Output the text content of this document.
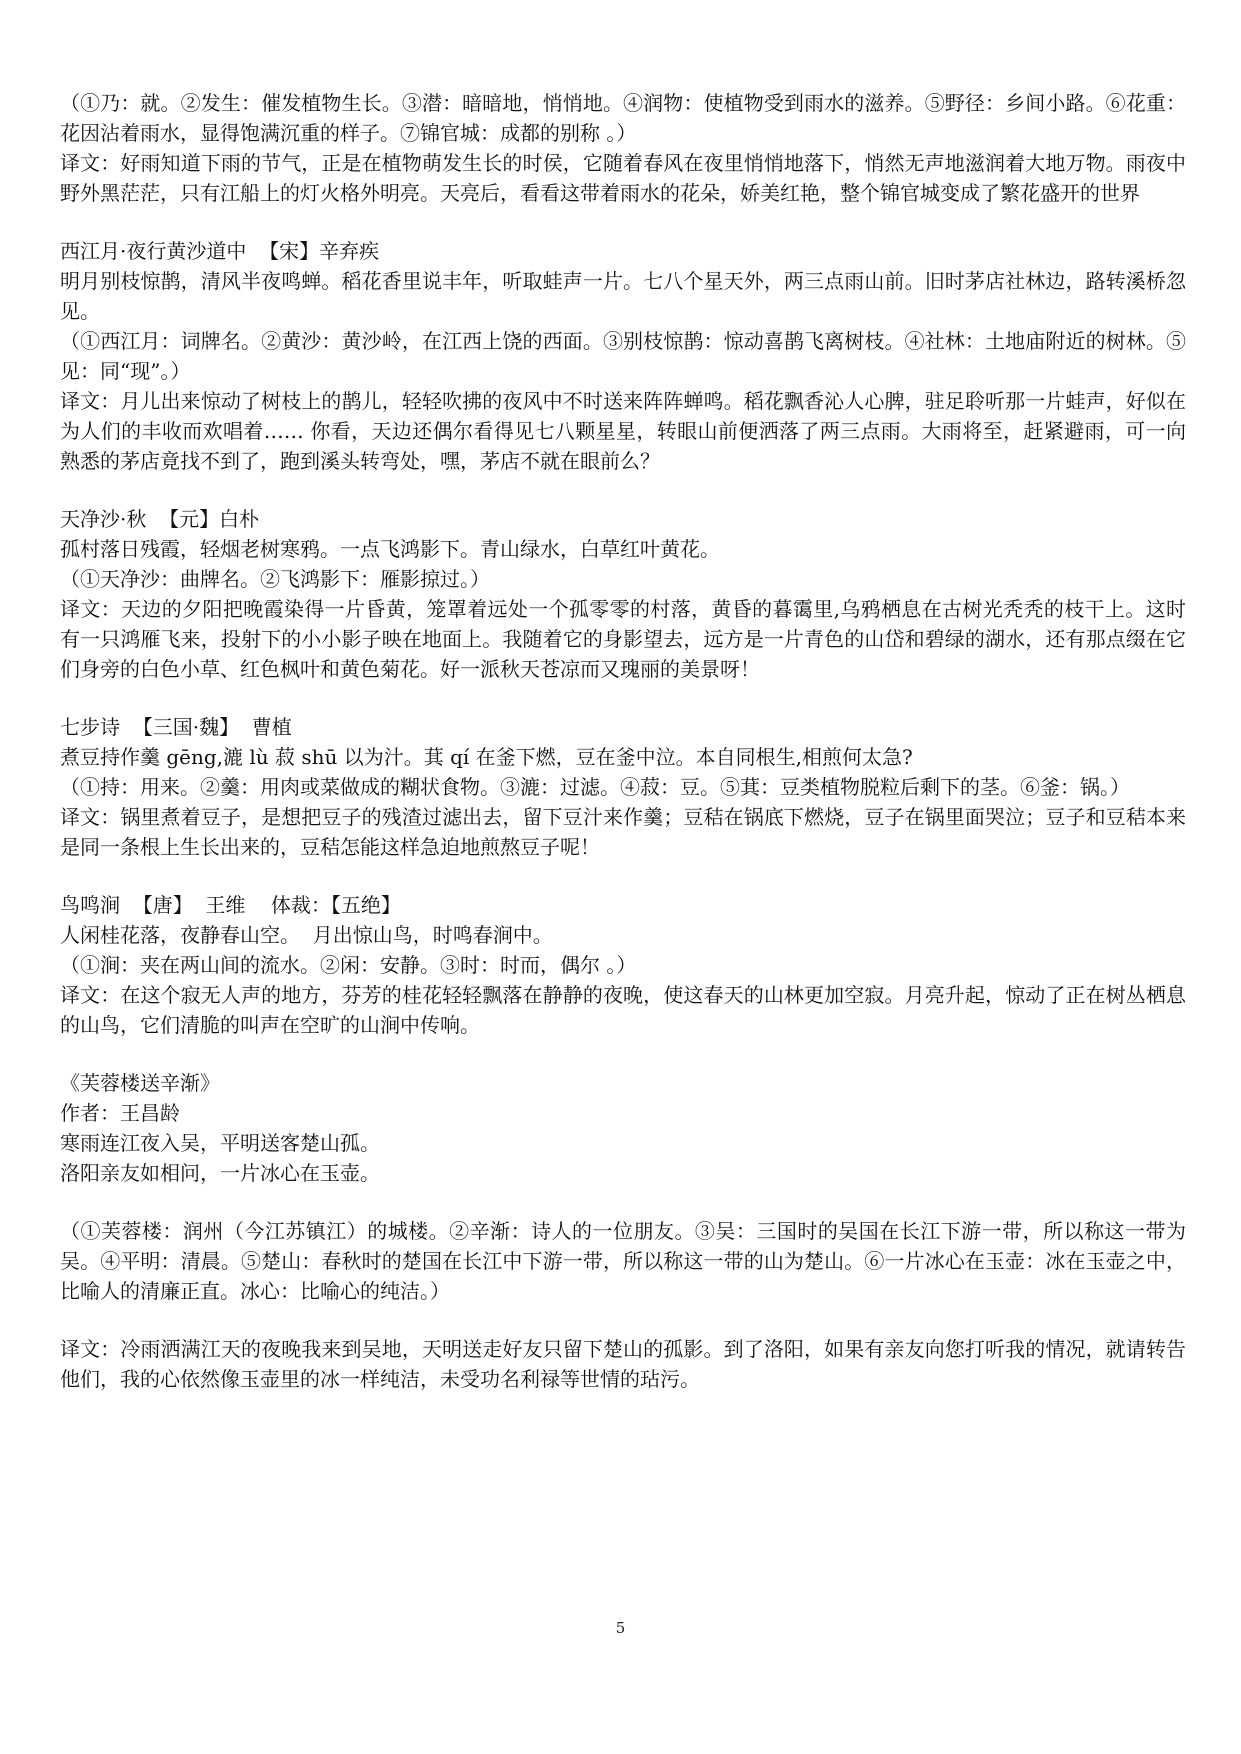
（①乃：就。②发生：催发植物生长。③潜：暗暗地，悄悄地。④润物：使植物受到雨水的滋养。⑤野径：乡间小路。⑥花重：花因沾着雨水，显得饱满沉重的样子。⑦锦官城：成都的别称 。）

译文：好雨知道下雨的节气，正是在植物萌发生长的时侯，它随着春风在夜里悄悄地落下，悄然无声地滋润着大地万物。雨夜中野外黑茫茫，只有江船上的灯火格外明亮。天亮后，看看这带着雨水的花朵，娇美红艳，整个锦官城变成了繁花盛开的世界

西江月·夜行黄沙道中  【宋】辛弃疾

明月别枝惊鹊，清风半夜鸣蝉。稻花香里说丰年，听取蛙声一片。七八个星天外，两三点雨山前。旧时茅店社林边，路转溪桥忽见。

（①西江月：词牌名。②黄沙：黄沙岭，在江西上饶的西面。③别枝惊鹊：惊动喜鹊飞离树枝。④社林：土地庙附近的树林。⑤见：同“现”。）

译文：月儿出来惊动了树枝上的鹊儿，轻轻吹拂的夜风中不时送来阵阵蝉鸣。稻花飘香沁人心脾，驻足聆听那一片蛙声，好似在为人们的丰收而欢唱着…… 你看，天边还偶尔看得见七八颗星星，转眼山前便洒落了两三点雨。大雨将至，赶紧避雨，可一向熟悉的茅店竟找不到了，跑到溪头转弯处，嘿，茅店不就在眼前么？

天净沙·秋  【元】白朴

孤村落日残霞，轻烟老树寒鸦。一点飞鸿影下。青山绿水，白草红叶黄花。

（①天净沙：曲牌名。②飞鸿影下：雁影掠过。）

译文：天边的夕阳把晚霞染得一片昏黄，笼罩着远处一个孤零零的村落，黄昏的暮霭里,乌鸦栖息在古树光秃秃的枝干上。这时有一只鸿雁飞来，投射下的小小影子映在地面上。我随着它的身影望去，远方是一片青色的山岱和碧绿的湖水，还有那点缀在它们身旁的白色小草、红色枫叶和黄色菊花。好一派秋天苍凉而又瑰丽的美景呀！

七步诗  【三国·魏】  曹植

煮豆持作羹 gēng,漉 lù 菽 shū 以为汁。萁 qí 在釜下燃，豆在釜中泣。本自同根生,相煎何太急?

（①持：用来。②羹：用肉或菜做成的糊状食物。③漉：过滤。④菽：豆。⑤萁：豆类植物脱粒后剩下的茎。⑥釜：锅。）

译文：锅里煮着豆子，是想把豆子的残渣过滤出去，留下豆汁来作羹；豆秸在锅底下燃烧，豆子在锅里面哭泣；豆子和豆秸本来是同一条根上生长出来的，豆秸怎能这样急迫地煎熬豆子呢！

鸟鸣涧  【唐】  王维    体裁：【五绝】

人闲桂花落，夜静春山空。  月出惊山鸟，时鸣春涧中。

（①涧：夹在两山间的流水。②闲：安静。③时：时而，偶尔 。）

译文：在这个寂无人声的地方，芬芳的桂花轻轻飘落在静静的夜晚，使这春天的山林更加空寂。月亮升起，惊动了正在树丛栖息的山鸟，它们清脆的叫声在空旷的山涧中传响。

《芙蓉楼送辛渐》

作者：王昌龄

寒雨连江夜入吴，平明送客楚山孤。

洛阳亲友如相问，一片冰心在玉壶。

（①芙蓉楼：润州（今江苏镇江）的城楼。②辛渐：诗人的一位朋友。③吴：三国时的吴国在长江下游一带，所以称这一带为吴。④平明：清晨。⑤楚山：春秋时的楚国在长江中下游一带，所以称这一带的山为楚山。⑥一片冰心在玉壶：冰在玉壶之中，比喻人的清廉正直。冰心：比喻心的纯洁。）

译文：冷雨洒满江天的夜晚我来到吴地，天明送走好友只留下楚山的孤影。到了洛阳，如果有亲友向您打听我的情况，就请转告他们，我的心依然像玉壶里的冰一样纯洁，未受功名利禄等世情的玷污。

5
